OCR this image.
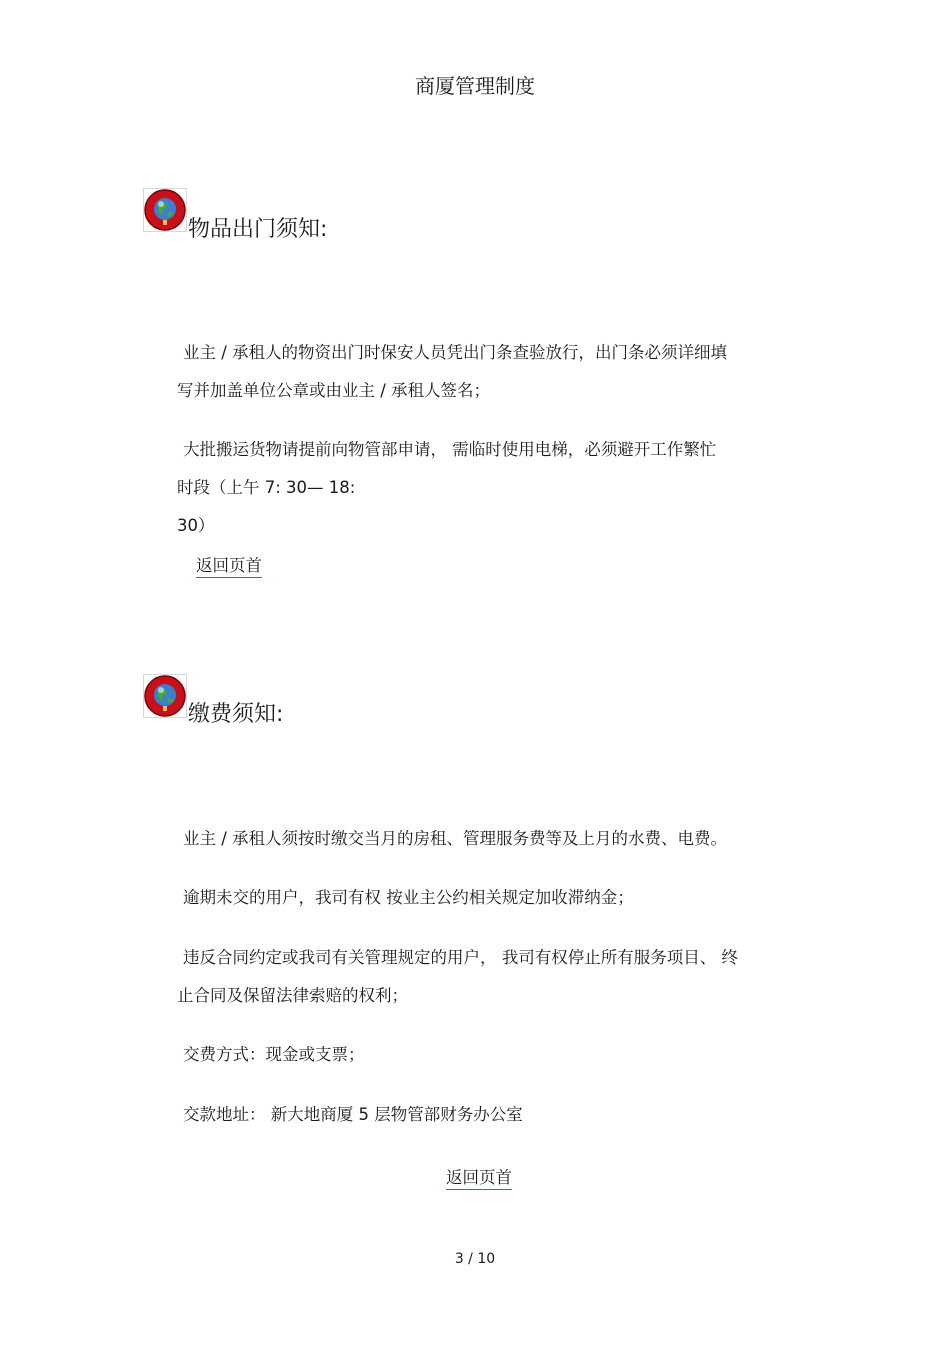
商厦管理制度
物品出门须知:
业主 / 承租人的物资出门时保安人员凭出门条查验放行，出门条必须详细填
写并加盖单位公章或由业主 / 承租人签名；
大批搬运货物请提前向物管部申请， 需临时使用电梯，必须避开工作繁忙
时段（上午 7: 30— 18:
30）
返回页首
缴费须知:
业主 / 承租人须按时缴交当月的房租、管理服务费等及上月的水费、电费。
逾期未交的用户，我司有权 按业主公约相关规定加收滞纳金；
违反合同约定或我司有关管理规定的用户， 我司有权停止所有服务项目、 终
止合同及保留法律索赔的权利；
交费方式：现金或支票；
交款地址： 新大地商厦 5 层物管部财务办公室
返回页首
3 / 10
